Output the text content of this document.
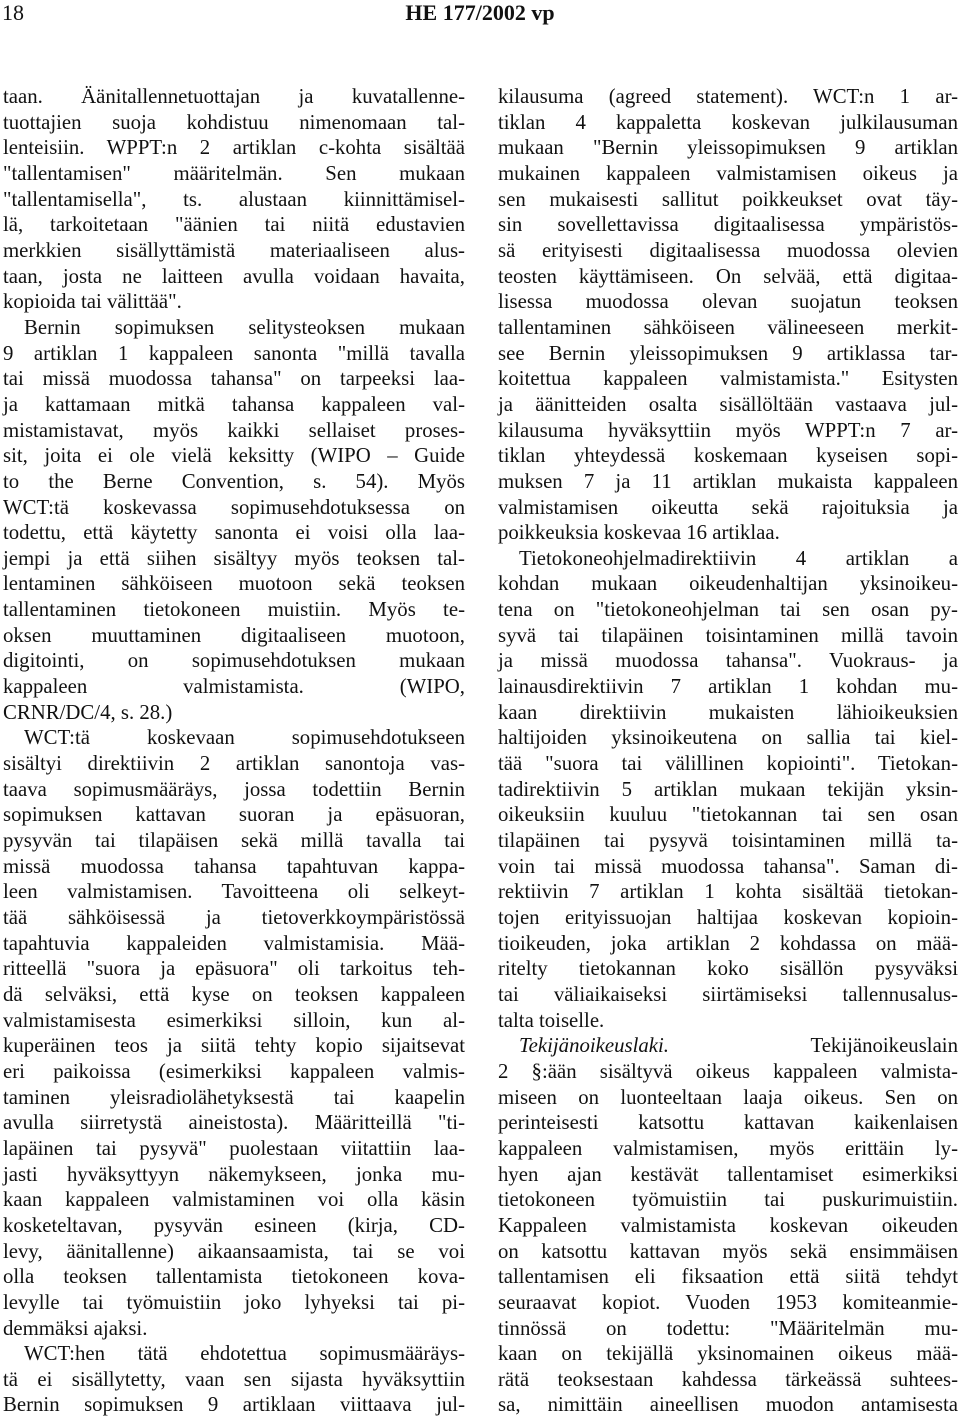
HE 177/2002 vp
18
taan. Äänitallennetuottajan ja kuvatallenne-
tuottajien suoja kohdistuu nimenomaan tal-
lenteisiin. WPPT:n 2 artiklan c-kohta sisältää
"tallentamisen" määritelmän. Sen mukaan
"tallentamisella", ts. alustaan kiinnittämisel-
lä, tarkoitetaan "äänien tai niitä edustavien
merkkien sisällyttämistä materiaaliseen alus-
taan, josta ne laitteen avulla voidaan havaita,
kopioida tai välittää".
Bernin sopimuksen selitysteoksen mukaan
9 artiklan 1 kappaleen sanonta "millä tavalla
tai missä muodossa tahansa" on tarpeeksi laa-
ja kattamaan mitkä tahansa kappaleen val-
mistamistavat, myös kaikki sellaiset proses-
sit, joita ei ole vielä keksitty (WIPO – Guide
to the Berne Convention, s. 54). Myös
WCT:tä koskevassa sopimusehdotuksessa on
todettu, että käytetty sanonta ei voisi olla laa-
jempi ja että siihen sisältyy myös teoksen tal-
lentaminen sähköiseen muotoon sekä teoksen
tallentaminen tietokoneen muistiin. Myös te-
oksen muuttaminen digitaaliseen muotoon,
digitointi, on sopimusehdotuksen mukaan
kappaleen valmistamista. (WIPO,
CRNR/DC/4, s. 28.)
WCT:tä koskevaan sopimusehdotukseen
sisältyi direktiivin 2 artiklan sanontoja vas-
taava sopimusmääräys, jossa todettiin Bernin
sopimuksen kattavan suoran ja epäsuoran,
pysyvän tai tilapäisen sekä millä tavalla tai
missä muodossa tahansa tapahtuvan kappa-
leen valmistamisen. Tavoitteena oli selkeyt-
tää sähköisessä ja tietoverkkoympäristössä
tapahtuvia kappaleiden valmistamisia. Mää-
ritteellä "suora ja epäsuora" oli tarkoitus teh-
dä selväksi, että kyse on teoksen kappaleen
valmistamisesta esimerkiksi silloin, kun al-
kuperäinen teos ja siitä tehty kopio sijaitsevat
eri paikoissa (esimerkiksi kappaleen valmis-
taminen yleisradiolähetyksestä tai kaapelin
avulla siirretystä aineistosta). Määritteillä "ti-
lapäinen tai pysyvä" puolestaan viitattiin laa-
jasti hyväksyttyyn näkemykseen, jonka mu-
kaan kappaleen valmistaminen voi olla käsin
kosketeltavan, pysyvän esineen (kirja, CD-
levy, äänitallenne) aikaansaamista, tai se voi
olla teoksen tallentamista tietokoneen kova-
levylle tai työmuistiin joko lyhyeksi tai pi-
demmäksi ajaksi.
WCT:hen tätä ehdotettua sopimusmääräys-
tä ei sisällytetty, vaan sen sijasta hyväksyttiin
Bernin sopimuksen 9 artiklaan viittaava jul-
kilausuma (agreed statement). WCT:n 1 ar-
tiklan 4 kappaletta koskevan julkilausuman
mukaan "Bernin yleissopimuksen 9 artiklan
mukainen kappaleen valmistamisen oikeus ja
sen mukaisesti sallitut poikkeukset ovat täy-
sin sovellettavissa digitaalisessa ympäristös-
sä erityisesti digitaalisessa muodossa olevien
teosten käyttämiseen. On selvää, että digitaa-
lisessa muodossa olevan suojatun teoksen
tallentaminen sähköiseen välineeseen merkit-
see Bernin yleissopimuksen 9 artiklassa tar-
koitettua kappaleen valmistamista." Esitysten
ja äänitteiden osalta sisällöltään vastaava jul-
kilausuma hyväksyttiin myös WPPT:n 7 ar-
tiklan yhteydessä koskemaan kyseisen sopi-
muksen 7 ja 11 artiklan mukaista kappaleen
valmistamisen oikeutta sekä rajoituksia ja
poikkeuksia koskevaa 16 artiklaa.
Tietokoneohjelmadirektiivin 4 artiklan a
kohdan mukaan oikeudenhaltijan yksinoikeu-
tena on "tietokoneohjelman tai sen osan py-
syvä tai tilapäinen toisintaminen millä tavoin
ja missä muodossa tahansa". Vuokraus- ja
lainausdirektiivin 7 artiklan 1 kohdan mu-
kaan direktiivin mukaisten lähioikeuksien
haltijoiden yksinoikeutena on sallia tai kiel-
tää "suora tai välillinen kopiointi". Tietokan-
tadirektiivin 5 artiklan mukaan tekijän yksin-
oikeuksiin kuuluu "tietokannan tai sen osan
tilapäinen tai pysyvä toisintaminen millä ta-
voin tai missä muodossa tahansa". Saman di-
rektiivin 7 artiklan 1 kohta sisältää tietokan-
tojen erityissuojan haltijaa koskevan kopioin-
tioikeuden, joka artiklan 2 kohdassa on mää-
ritelty tietokannan koko sisällön pysyväksi
tai väliaikaiseksi siirtämiseksi tallennusalus-
talta toiselle.
Tekijänoikeuslaki.	Tekijänoikeuslain
2 §:ään sisältyvä oikeus kappaleen valmista-
miseen on luonteeltaan laaja oikeus. Sen on
perinteisesti katsottu kattavan kaikenlaisen
kappaleen valmistamisen, myös erittäin ly-
hyen ajan kestävät tallentamiset esimerkiksi
tietokoneen työmuistiin tai puskurimuistiin.
Kappaleen valmistamista koskevan oikeuden
on katsottu kattavan myös sekä ensimmäisen
tallentamisen eli fiksaation että siitä tehdyt
seuraavat kopiot. Vuoden 1953 komiteanmie-
tinnössä on todettu: "Määritelmän mu-
kaan on tekijällä yksinomainen oikeus mää-
rätä teoksestaan kahdessa tärkeässä suhtees-
sa, nimittäin aineellisen muodon antamisesta
